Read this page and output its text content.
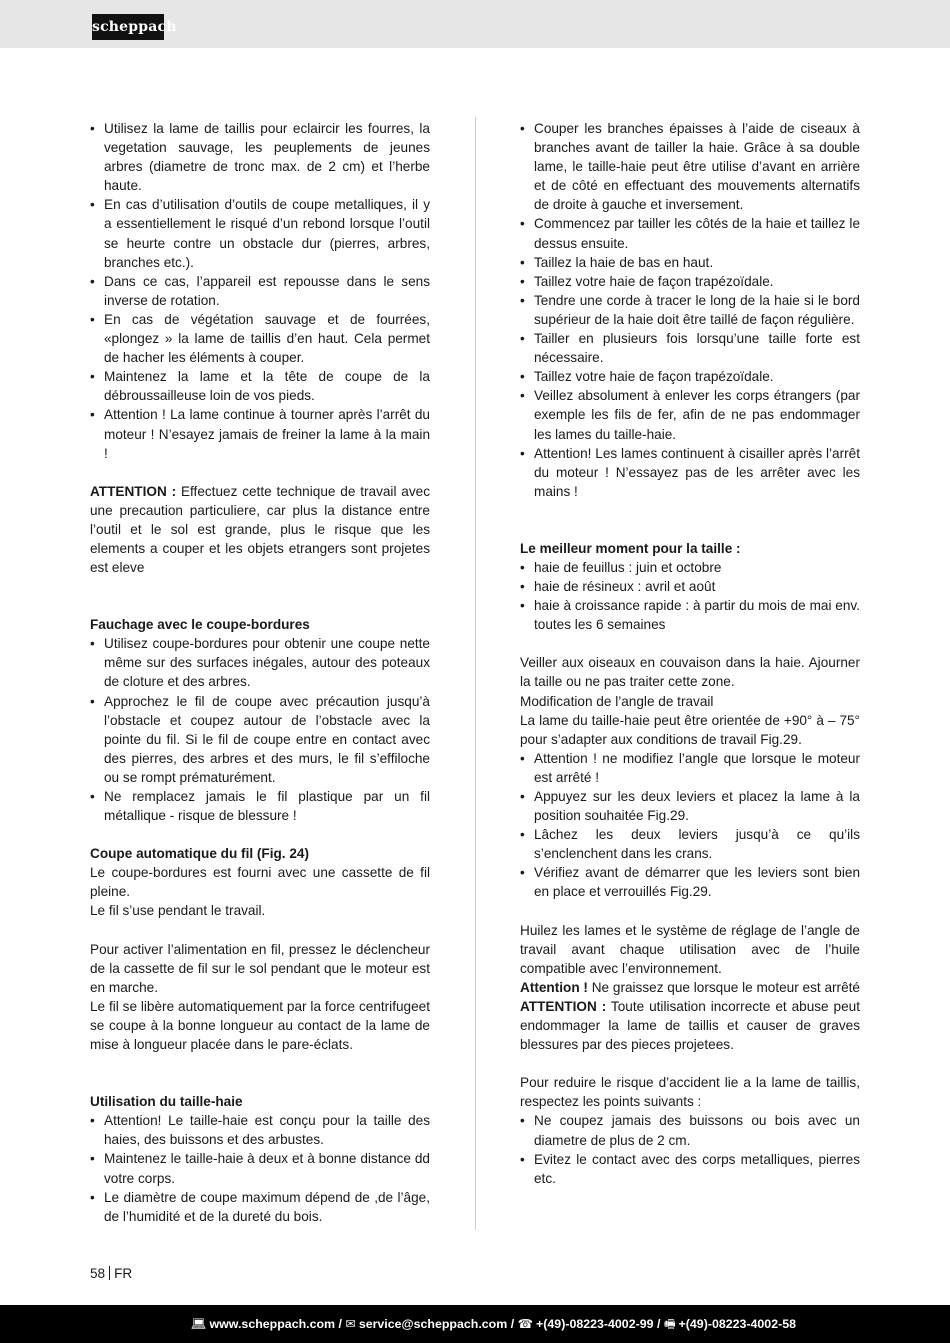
scheppach
• Utilisez la lame de taillis pour eclaircir les fourres, la vegetation sauvage, les peuplements de jeunes arbres (diametre de tronc max. de 2 cm) et l’herbe haute.
• En cas d’utilisation d’outils de coupe metalliques, il y a essentiellement le risqué d’un rebond lorsque l’outil se heurte contre un obstacle dur (pierres, arbres, branches etc.).
• Dans ce cas, l’appareil est repousse dans le sens inverse de rotation.
• En cas de végétation sauvage et de fourrées, «plongez » la lame de taillis d’en haut. Cela permet de hacher les éléments à couper.
• Maintenez la lame et la tête de coupe de la débroussailleuse loin de vos pieds.
• Attention ! La lame continue à tourner après l’arrêt du moteur ! N’esayez jamais de freiner la lame à la main !
ATTENTION : Effectuez cette technique de travail avec une precaution particuliere, car plus la distance entre l’outil et le sol est grande, plus le risque que les elements a couper et les objets etrangers sont projetes est eleve
Fauchage avec le coupe-bordures
• Utilisez coupe-bordures pour obtenir une coupe nette même sur des surfaces inégales, autour des poteaux de cloture et des arbres.
• Approchez le fil de coupe avec précaution jusqu’à l’obstacle et coupez autour de l’obstacle avec la pointe du fil. Si le fil de coupe entre en contact avec des pierres, des arbres et des murs, le fil s’effiloche ou se rompt prématurément.
• Ne remplacez jamais le fil plastique par un fil métallique - risque de blessure !
Coupe automatique du fil (Fig. 24)
Le coupe-bordures est fourni avec une cassette de fil pleine.
Le fil s’use pendant le travail.
Pour activer l’alimentation en fil, pressez le déclencheur de la cassette de fil sur le sol pendant que le moteur est en marche.
Le fil se libère automatiquement par la force centrifugeet se coupe à la bonne longueur au contact de la lame de mise à longueur placée dans le pare-éclats.
Utilisation du taille-haie
• Attention! Le taille-haie est conçu pour la taille des haies, des buissons et des arbustes.
• Maintenez le taille-haie à deux et à bonne distance dd votre corps.
• Le diamètre de coupe maximum dépend de ,de l’âge, de l’humidité et de la dureté du bois.
• Couper les branches épaisses à l’aide de ciseaux à branches avant de tailler la haie. Grâce à sa double lame, le taille-haie peut être utilise d’avant en arrière et de côté en effectuant des mouvements alternatifs de droite à gauche et inversement.
• Commencez par tailler les côtés de la haie et taillez le dessus ensuite.
• Taillez la haie de bas en haut.
• Taillez votre haie de façon trapézoïdale.
• Tendre une corde à tracer le long de la haie si le bord supérieur de la haie doit être taillé de façon régulière.
• Tailler en plusieurs fois lorsqu’une taille forte est nécessaire.
• Taillez votre haie de façon trapézoïdale.
• Veillez absolument à enlever les corps étrangers (par exemple les fils de fer, afin de ne pas endommager les lames du taille-haie.
• Attention! Les lames continuent à cisailler après l’arrêt du moteur ! N’essayez pas de les arrêter avec les mains !
Le meilleur moment pour la taille :
• haie de feuillus : juin et octobre
• haie de résineux : avril et août
• haie à croissance rapide : à partir du mois de mai env. toutes les 6 semaines
Veiller aux oiseaux en couvaison dans la haie. Ajourner la taille ou ne pas traiter cette zone.
Modification de l’angle de travail
La lame du taille-haie peut être orientée de +90° à – 75° pour s’adapter aux conditions de travail Fig.29.
• Attention ! ne modifiez l’angle que lorsque le moteur est arrêté !
• Appuyez sur les deux leviers et placez la lame à la position souhaitée Fig.29.
• Lâchez les deux leviers jusqu’à ce qu’ils s’enclenchent dans les crans.
• Vérifiez avant de démarrer que les leviers sont bien en place et verrouillés Fig.29.
Huilez les lames et le système de réglage de l’angle de travail avant chaque utilisation avec de l’huile compatible avec l’environnement.
Attention ! Ne graissez que lorsque le moteur est arrêté
ATTENTION : Toute utilisation incorrecte et abuse peut endommager la lame de taillis et causer de graves blessures par des pieces projetees.
Pour reduire le risque d’accident lie a la lame de taillis, respectez les points suivants :
• Ne coupez jamais des buissons ou bois avec un diametre de plus de 2 cm.
• Evitez le contact avec des corps metalliques, pierres etc.
58 FR
💻︎ www.scheppach.com / ✉︎ service@scheppach.com / ☎︎ +(49)-08223-4002-99 / 🖷︎ +(49)-08223-4002-58
